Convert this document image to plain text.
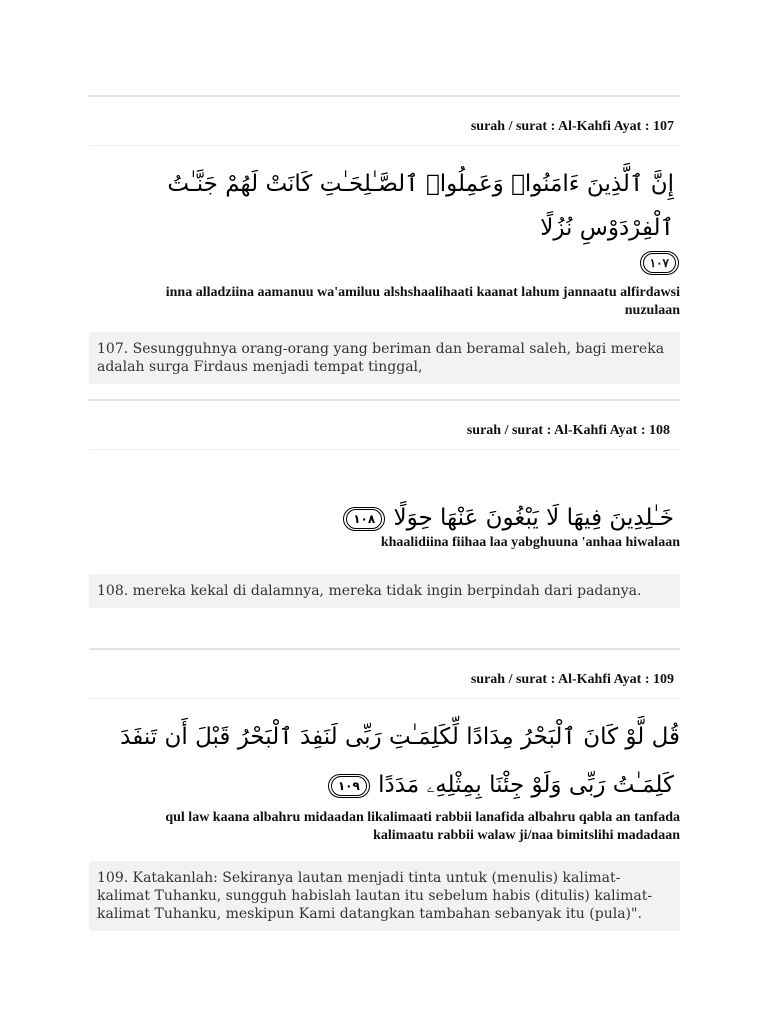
surah / surat : Al-Kahfi Ayat : 107
إِنَّ ٱلَّذِينَ ءَامَنُوا۟ وَعَمِلُوا۟ ٱلصَّـٰلِحَـٰتِ كَانَتْ لَهُمْ جَنَّـٰتُ ٱلْفِرْدَوْسِ نُزُلًا
١٠٧
inna alladziina aamanuu wa'amiluu alshshaalihaati kaanat lahum jannaatu alfirdawsi nuzulaan
107. Sesungguhnya orang-orang yang beriman dan beramal saleh, bagi mereka adalah surga Firdaus menjadi tempat tinggal,
surah / surat : Al-Kahfi Ayat : 108
خَـٰلِدِينَ فِيهَا لَا يَبْغُونَ عَنْهَا حِوَلًا ١٠٨
khaalidiina fiihaa laa yabghuuna 'anhaa hiwalaan
108. mereka kekal di dalamnya, mereka tidak ingin berpindah dari padanya.
surah / surat : Al-Kahfi Ayat : 109
قُل لَّوْ كَانَ ٱلْبَحْرُ مِدَادًا لِّكَلِمَـٰتِ رَبِّى لَنَفِدَ ٱلْبَحْرُ قَبْلَ أَن تَنفَدَ
كَلِمَـٰتُ رَبِّى وَلَوْ جِئْنَا بِمِثْلِهِۦ مَدَدًا ١٠٩
qul law kaana albahru midaadan likalimaati rabbii lanafida albahru qabla an tanfada kalimaatu rabbii walaw ji/naa bimitslihi madadaan
109. Katakanlah: Sekiranya lautan menjadi tinta untuk (menulis) kalimat-kalimat Tuhanku, sungguh habislah lautan itu sebelum habis (ditulis) kalimat-kalimat Tuhanku, meskipun Kami datangkan tambahan sebanyak itu (pula)".
